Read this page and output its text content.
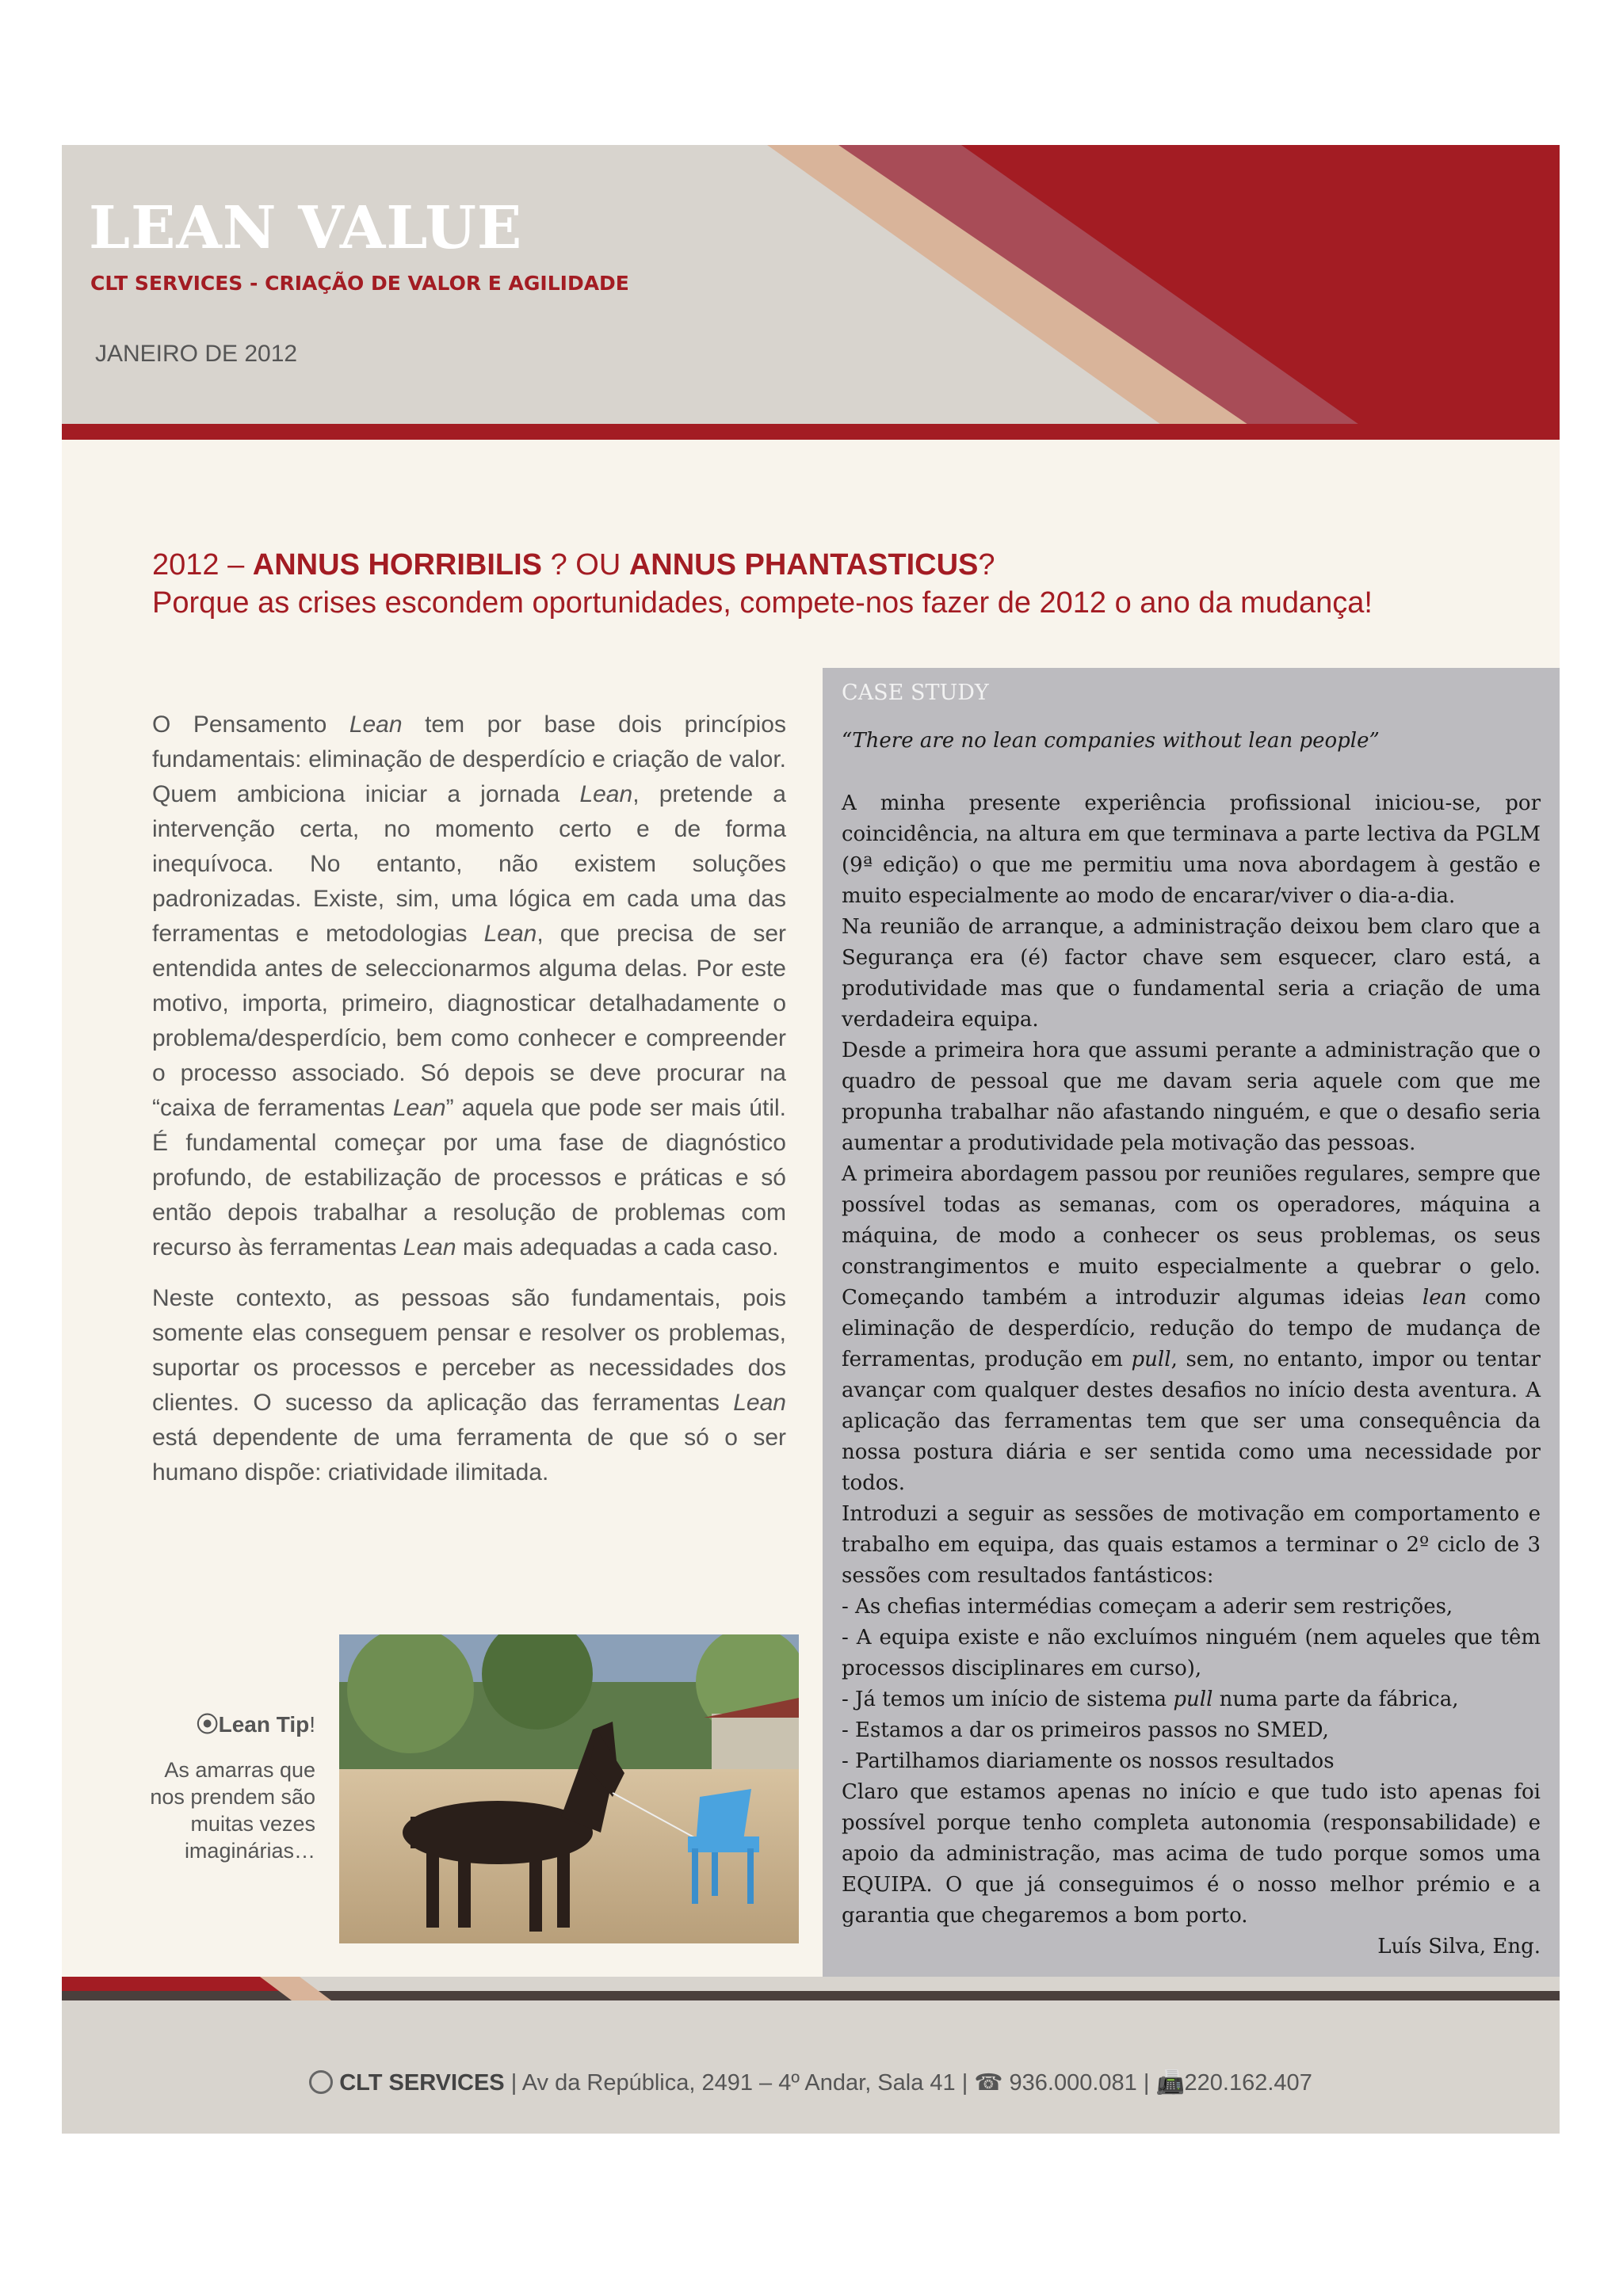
LEAN VALUE
CLT SERVICES - CRIAÇÃO DE VALOR E AGILIDADE
JANEIRO DE 2012
2012 – ANNUS HORRIBILIS ? OU ANNUS PHANTASTICUS?
Porque as crises escondem oportunidades, compete-nos fazer de 2012 o ano da mudança!

O Pensamento Lean tem por base dois princípios fundamentais: eliminação de desperdício e criação de valor. Quem ambiciona iniciar a jornada Lean, pretende a intervenção certa, no momento certo e de forma inequívoca. No entanto, não existem soluções padronizadas. Existe, sim, uma lógica em cada uma das ferramentas e metodologias Lean, que precisa de ser entendida antes de seleccionarmos alguma delas. Por este motivo, importa, primeiro, diagnosticar detalhadamente o problema/desperdício, bem como conhecer e compreender o processo associado. Só depois se deve procurar na “caixa de ferramentas Lean” aquela que pode ser mais útil. É fundamental começar por uma fase de diagnóstico profundo, de estabilização de processos e práticas e só então depois trabalhar a resolução de problemas com recurso às ferramentas Lean mais adequadas a cada caso.

Neste contexto, as pessoas são fundamentais, pois somente elas conseguem pensar e resolver os problemas, suportar os processos e perceber as necessidades dos clientes. O sucesso da aplicação das ferramentas Lean está dependente de uma ferramenta de que só o ser humano dispõe: criatividade ilimitada.

⦿Lean Tip!
As amarras que nos prendem são muitas vezes imaginárias…
CASE STUDY
“There are no lean companies without lean people”

A minha presente experiência profissional iniciou-se, por coincidência, na altura em que terminava a parte lectiva da PGLM (9ª edição) o que me permitiu uma nova abordagem à gestão e muito especialmente ao modo de encarar/viver o dia-a-dia.

Na reunião de arranque, a administração deixou bem claro que a Segurança era (é) factor chave sem esquecer, claro está, a produtividade mas que o fundamental seria a criação de uma verdadeira equipa.

Desde a primeira hora que assumi perante a administração que o quadro de pessoal que me davam seria aquele com que me propunha trabalhar não afastando ninguém, e que o desafio seria aumentar a produtividade pela motivação das pessoas.

A primeira abordagem passou por reuniões regulares, sempre que possível todas as semanas, com os operadores, máquina a máquina, de modo a conhecer os seus problemas, os seus constrangimentos e muito especialmente a quebrar o gelo. Começando também a introduzir algumas ideias lean como eliminação de desperdício, redução do tempo de mudança de ferramentas, produção em pull, sem, no entanto, impor ou tentar avançar com qualquer destes desafios no início desta aventura. A aplicação das ferramentas tem que ser uma consequência da nossa postura diária e ser sentida como uma necessidade por todos.

Introduzi a seguir as sessões de motivação em comportamento e trabalho em equipa, das quais estamos a terminar o 2º ciclo de 3 sessões com resultados fantásticos:

- As chefias intermédias começam a aderir sem restrições,

- A equipa existe e não excluímos ninguém (nem aqueles que têm processos disciplinares em curso),

- Já temos um início de sistema pull numa parte da fábrica,

- Estamos a dar os primeiros passos no SMED,

- Partilhamos diariamente os nossos resultados

Claro que estamos apenas no início e que tudo isto apenas foi possível porque tenho completa autonomia (responsabilidade) e apoio da administração, mas acima de tudo porque somos uma EQUIPA. O que já conseguimos é o nosso melhor prémio e a garantia que chegaremos a bom porto.

Luís Silva, Eng.

CLT SERVICES | Av da República, 2491 – 4º Andar, Sala 41 | ☎ 936.000.081 | 📠220.162.407
